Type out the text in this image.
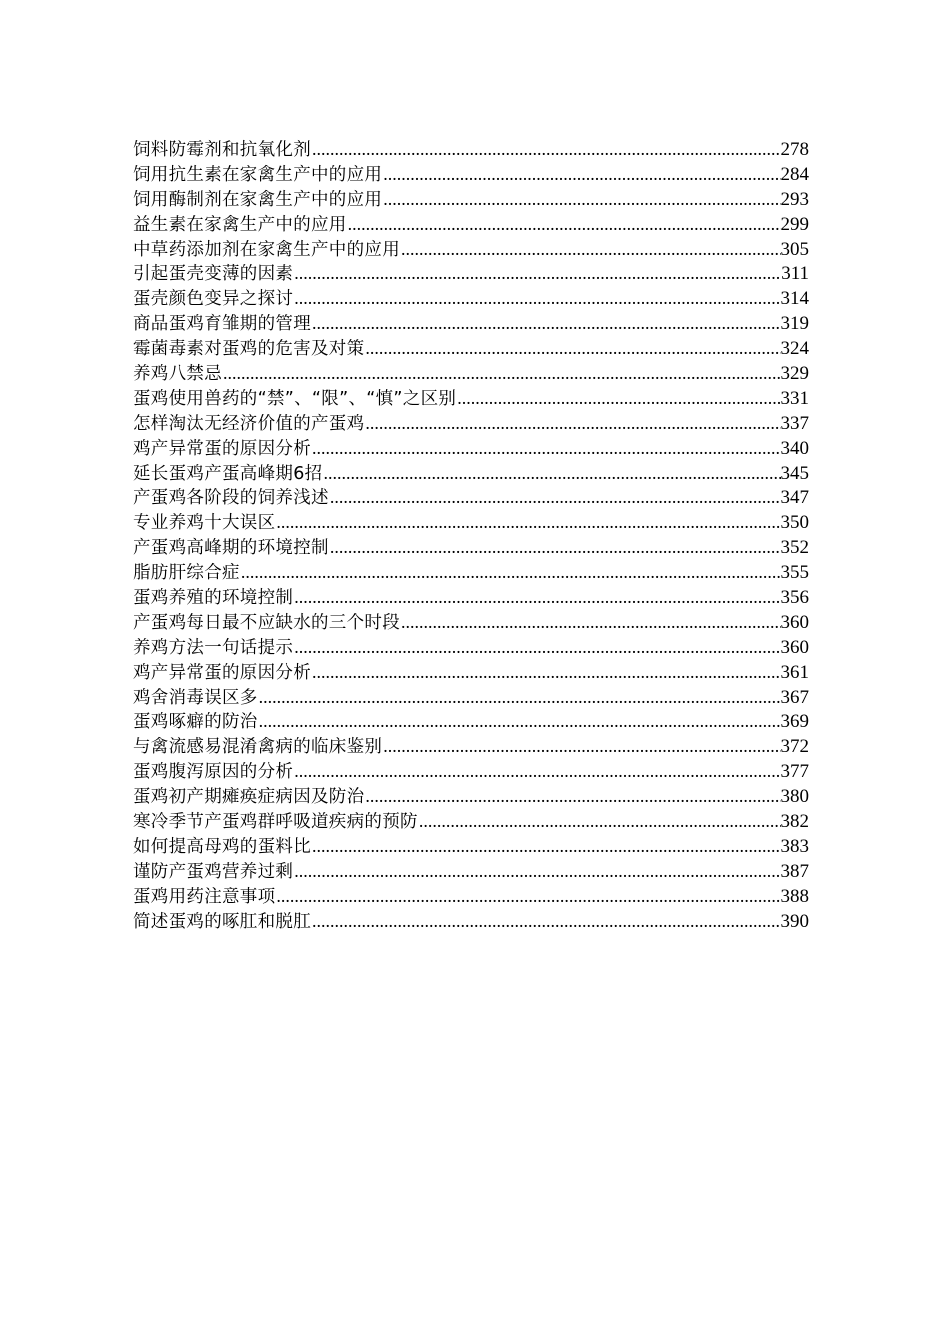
饲料防霉剂和抗氧化剂 .....	278
饲用抗生素在家禽生产中的应用 .....	284
饲用酶制剂在家禽生产中的应用 .....	293
益生素在家禽生产中的应用 .....	299
中草药添加剂在家禽生产中的应用 .....	305
引起蛋壳变薄的因素 .....	311
蛋壳颜色变异之探讨 .....	314
商品蛋鸡育雏期的管理 .....	319
霉菌毒素对蛋鸡的危害及对策 .....	324
养鸡八禁忌 .....	329
蛋鸡使用兽药的“禁”、“限”、“慎”之区别 .....	331
怎样淘汰无经济价值的产蛋鸡 .....	337
鸡产异常蛋的原因分析 .....	340
延长蛋鸡产蛋高峰期6招 .....	345
产蛋鸡各阶段的饲养浅述 .....	347
专业养鸡十大误区 .....	350
产蛋鸡高峰期的环境控制 .....	352
脂肪肝综合症 .....	355
蛋鸡养殖的环境控制 .....	356
产蛋鸡每日最不应缺水的三个时段 .....	360
养鸡方法一句话提示 .....	360
鸡产异常蛋的原因分析 .....	361
鸡舍消毒误区多 .....	367
蛋鸡啄癖的防治 .....	369
与禽流感易混淆禽病的临床鉴别 .....	372
蛋鸡腹泻原因的分析 .....	377
蛋鸡初产期瘫痪症病因及防治 .....	380
寒冷季节产蛋鸡群呼吸道疾病的预防 .....	382
如何提高母鸡的蛋料比 .....	383
谨防产蛋鸡营养过剩 .....	387
蛋鸡用药注意事项 .....	388
简述蛋鸡的啄肛和脱肛 .....	390
